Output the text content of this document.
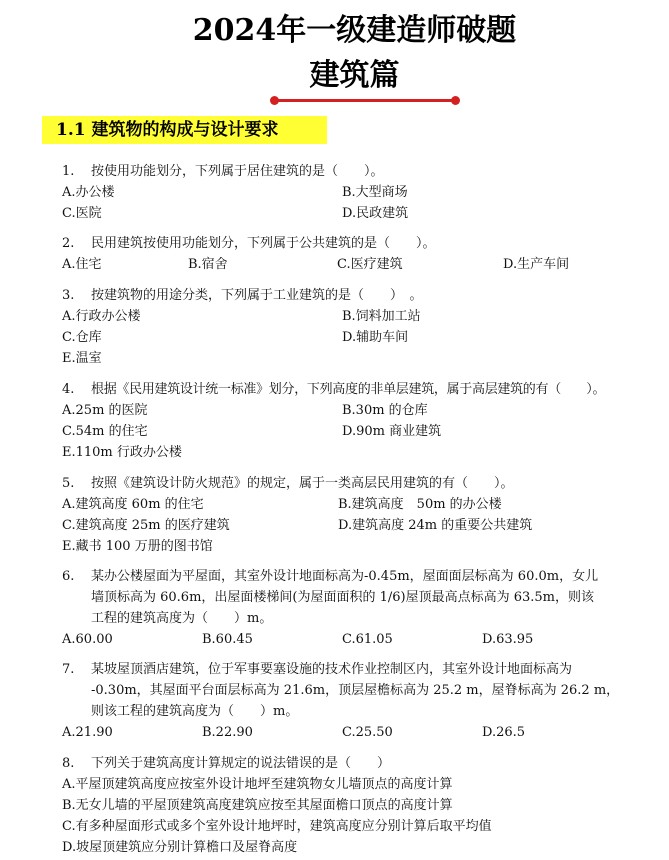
2024年一级建造师破题
建筑篇
1.1 建筑物的构成与设计要求
1. 按使用功能划分，下列属于居住建筑的是（　　）。
A.办公楼	B.大型商场
C.医院	D.民政建筑
2. 民用建筑按使用功能划分，下列属于公共建筑的是（　　）。
A.住宅	B.宿舍	C.医疗建筑	D.生产车间
3. 按建筑物的用途分类，下列属于工业建筑的是（　　）　。
A.行政办公楼	B.饲料加工站
C.仓库	D.辅助车间
E.温室
4. 根据《民用建筑设计统一标准》划分，下列高度的非单层建筑，属于高层建筑的有（　　）。
A.25m 的医院	B.30m 的仓库
C.54m 的住宅	D.90m 商业建筑
E.110m 行政办公楼
5. 按照《建筑设计防火规范》的规定，属于一类高层民用建筑的有（　　）。
A.建筑高度 60m 的住宅	B.建筑高度　50m 的办公楼
C.建筑高度 25m 的医疗建筑	D.建筑高度 24m 的重要公共建筑
E.藏书 100 万册的图书馆
6. 某办公楼屋面为平屋面，其室外设计地面标高为-0.45m，屋面面层标高为 60.0m，女儿
墙顶标高为 60.6m，出屋面楼梯间(为屋面面积的 1/6)屋顶最高点标高为 63.5m，则该
工程的建筑高度为（　　）m。
A.60.00	B.60.45	C.61.05	D.63.95
7. 某坡屋顶酒店建筑，位于军事要塞设施的技术作业控制区内，其室外设计地面标高为
-0.30m，其屋面平台面层标高为 21.6m，顶层屋檐标高为 25.2 m，屋脊标高为 26.2 m，
则该工程的建筑高度为（　　）m。
A.21.90	B.22.90	C.25.50	D.26.5
8. 下列关于建筑高度计算规定的说法错误的是（　　）
A.平屋顶建筑高度应按室外设计地坪至建筑物女儿墙顶点的高度计算
B.无女儿墙的平屋顶建筑高度建筑应按至其屋面檐口顶点的高度计算
C.有多种屋面形式或多个室外设计地坪时，建筑高度应分别计算后取平均值
D.坡屋顶建筑应分别计算檐口及屋脊高度
